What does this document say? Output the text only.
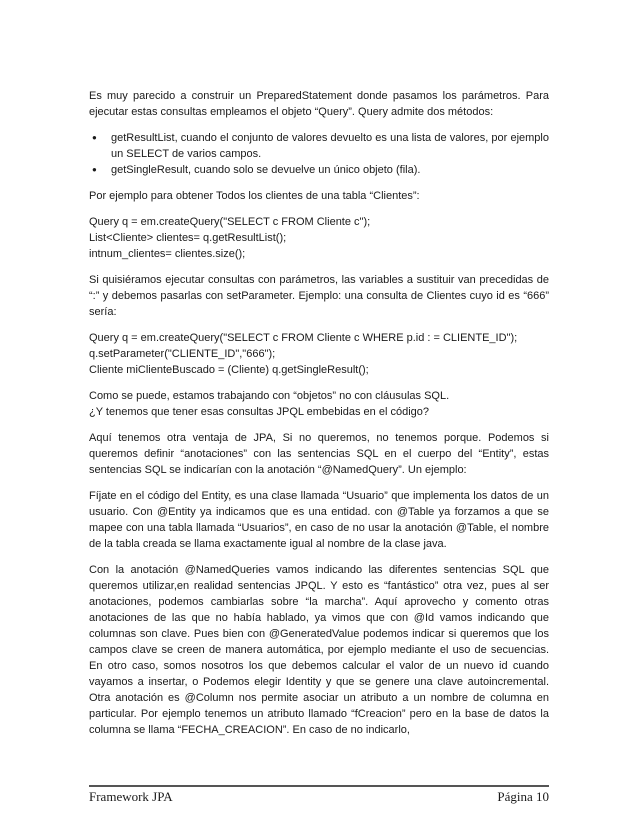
Es muy parecido a construir un PreparedStatement donde pasamos los parámetros. Para ejecutar estas consultas empleamos el objeto “Query”. Query admite dos métodos:

● getResultList, cuando el conjunto de valores devuelto es una lista de valores, por ejemplo un SELECT de varios campos.
● getSingleResult, cuando solo se devuelve un único objeto (fila).

Por ejemplo para obtener Todos los clientes de una tabla “Clientes”:

Query q = em.createQuery("SELECT c FROM Cliente c");
List<Cliente> clientes= q.getResultList();
intnum_clientes= clientes.size();

Si quisiéramos ejecutar consultas con parámetros, las variables a sustituir van precedidas de “:” y debemos pasarlas con setParameter. Ejemplo: una consulta de Clientes cuyo id es “666” sería:

Query q = em.createQuery("SELECT c FROM Cliente c WHERE p.id : = CLIENTE_ID");
q.setParameter("CLIENTE_ID","666");
Cliente miClienteBuscado = (Cliente) q.getSingleResult();

Como se puede, estamos trabajando con “objetos” no con cláusulas SQL.
¿Y tenemos que tener esas consultas JPQL embebidas en el código?

Aquí tenemos otra ventaja de JPA, Si no queremos, no tenemos porque. Podemos si queremos definir “anotaciones” con las sentencias SQL en el cuerpo del “Entity”, estas sentencias SQL se indicarían con la anotación “@NamedQuery”. Un ejemplo:

Fíjate en el código del Entity, es una clase llamada “Usuario” que implementa los datos de un usuario. Con @Entity ya indicamos que es una entidad. con @Table ya forzamos a que se mapee con una tabla llamada “Usuarios”, en caso de no usar la anotación @Table, el nombre de la tabla creada se llama exactamente igual al nombre de la clase java.

Con la anotación @NamedQueries vamos indicando las diferentes sentencias SQL que queremos utilizar,en realidad sentencias JPQL. Y esto es “fantástico” otra vez, pues al ser anotaciones, podemos cambiarlas sobre “la marcha”. Aquí aprovecho y comento otras anotaciones de las que no había hablado, ya vimos que con @Id vamos indicando que columnas son clave. Pues bien con @GeneratedValue podemos indicar si queremos que los campos clave se creen de manera automática, por ejemplo mediante el uso de secuencias. En otro caso, somos nosotros los que debemos calcular el valor de un nuevo id cuando vayamos a insertar, o Podemos elegir Identity y que se genere una clave autoincremental. Otra anotación es @Column nos permite asociar un atributo a un nombre de columna en particular. Por ejemplo tenemos un atributo llamado “fCreacion” pero en la base de datos la columna se llama “FECHA_CREACION”. En caso de no indicarlo,

Framework JPA	Página 10
